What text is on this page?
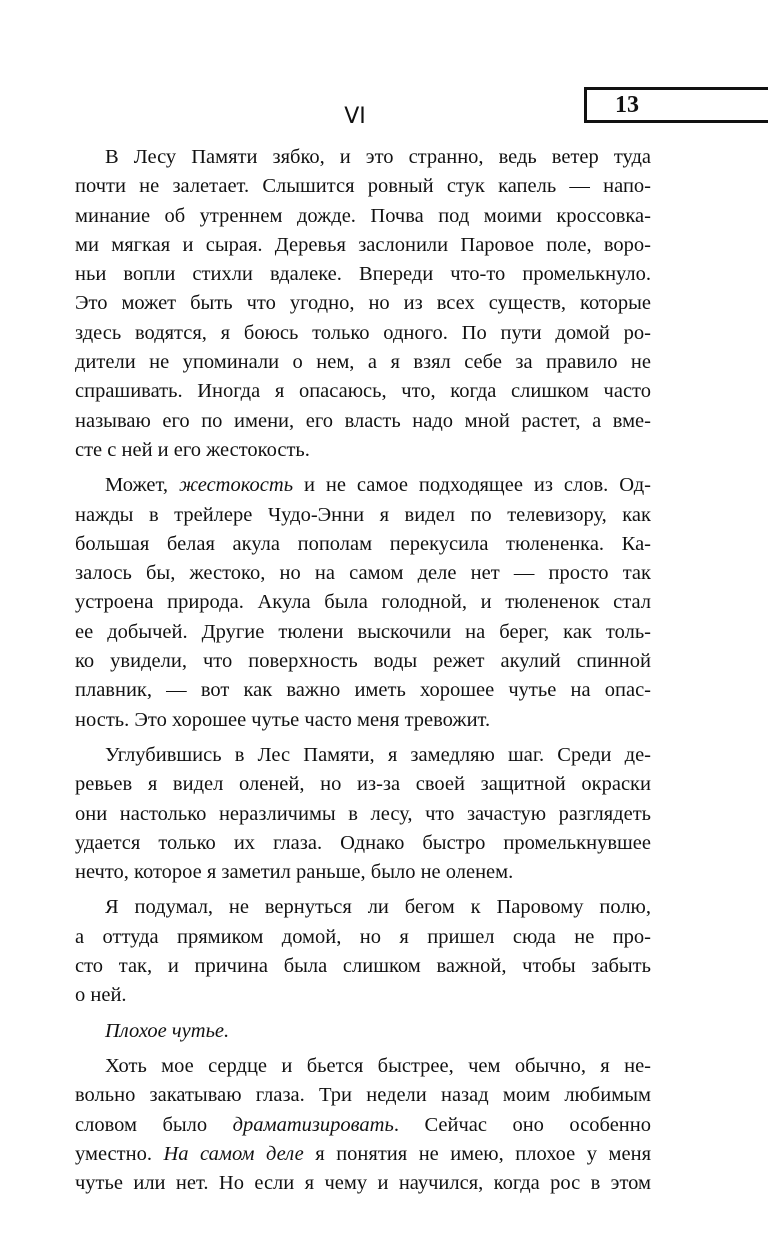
13
VI
В Лесу Памяти зябко, и это странно, ведь ветер туда
почти не залетает. Слышится ровный стук капель — напо-
минание об утреннем дожде. Почва под моими кроссовка-
ми мягкая и сырая. Деревья заслонили Паровое поле, воро-
ньи вопли стихли вдалеке. Впереди что-то промелькнуло.
Это может быть что угодно, но из всех существ, которые
здесь водятся, я боюсь только одного. По пути домой ро-
дители не упоминали о нем, а я взял себе за правило не
спрашивать. Иногда я опасаюсь, что, когда слишком часто
называю его по имени, его власть надо мной растет, а вме-
сте с ней и его жестокость.
Может, жестокость и не самое подходящее из слов. Од-
нажды в трейлере Чудо-Энни я видел по телевизору, как
большая белая акула пополам перекусила тюлененка. Ка-
залось бы, жестоко, но на самом деле нет — просто так
устроена природа. Акула была голодной, и тюлененок стал
ее добычей. Другие тюлени выскочили на берег, как толь-
ко увидели, что поверхность воды режет акулий спинной
плавник, — вот как важно иметь хорошее чутье на опас-
ность. Это хорошее чутье часто меня тревожит.
Углубившись в Лес Памяти, я замедляю шаг. Среди де-
ревьев я видел оленей, но из-за своей защитной окраски
они настолько неразличимы в лесу, что зачастую разглядеть
удается только их глаза. Однако быстро промелькнувшее
нечто, которое я заметил раньше, было не оленем.
Я подумал, не вернуться ли бегом к Паровому полю,
а оттуда прямиком домой, но я пришел сюда не про-
сто так, и причина была слишком важной, чтобы забыть
о ней.
Плохое чутье.
Хоть мое сердце и бьется быстрее, чем обычно, я не-
вольно закатываю глаза. Три недели назад моим любимым
словом было драматизировать. Сейчас оно особенно
уместно. На самом деле я понятия не имею, плохое у меня
чутье или нет. Но если я чему и научился, когда рос в этом
